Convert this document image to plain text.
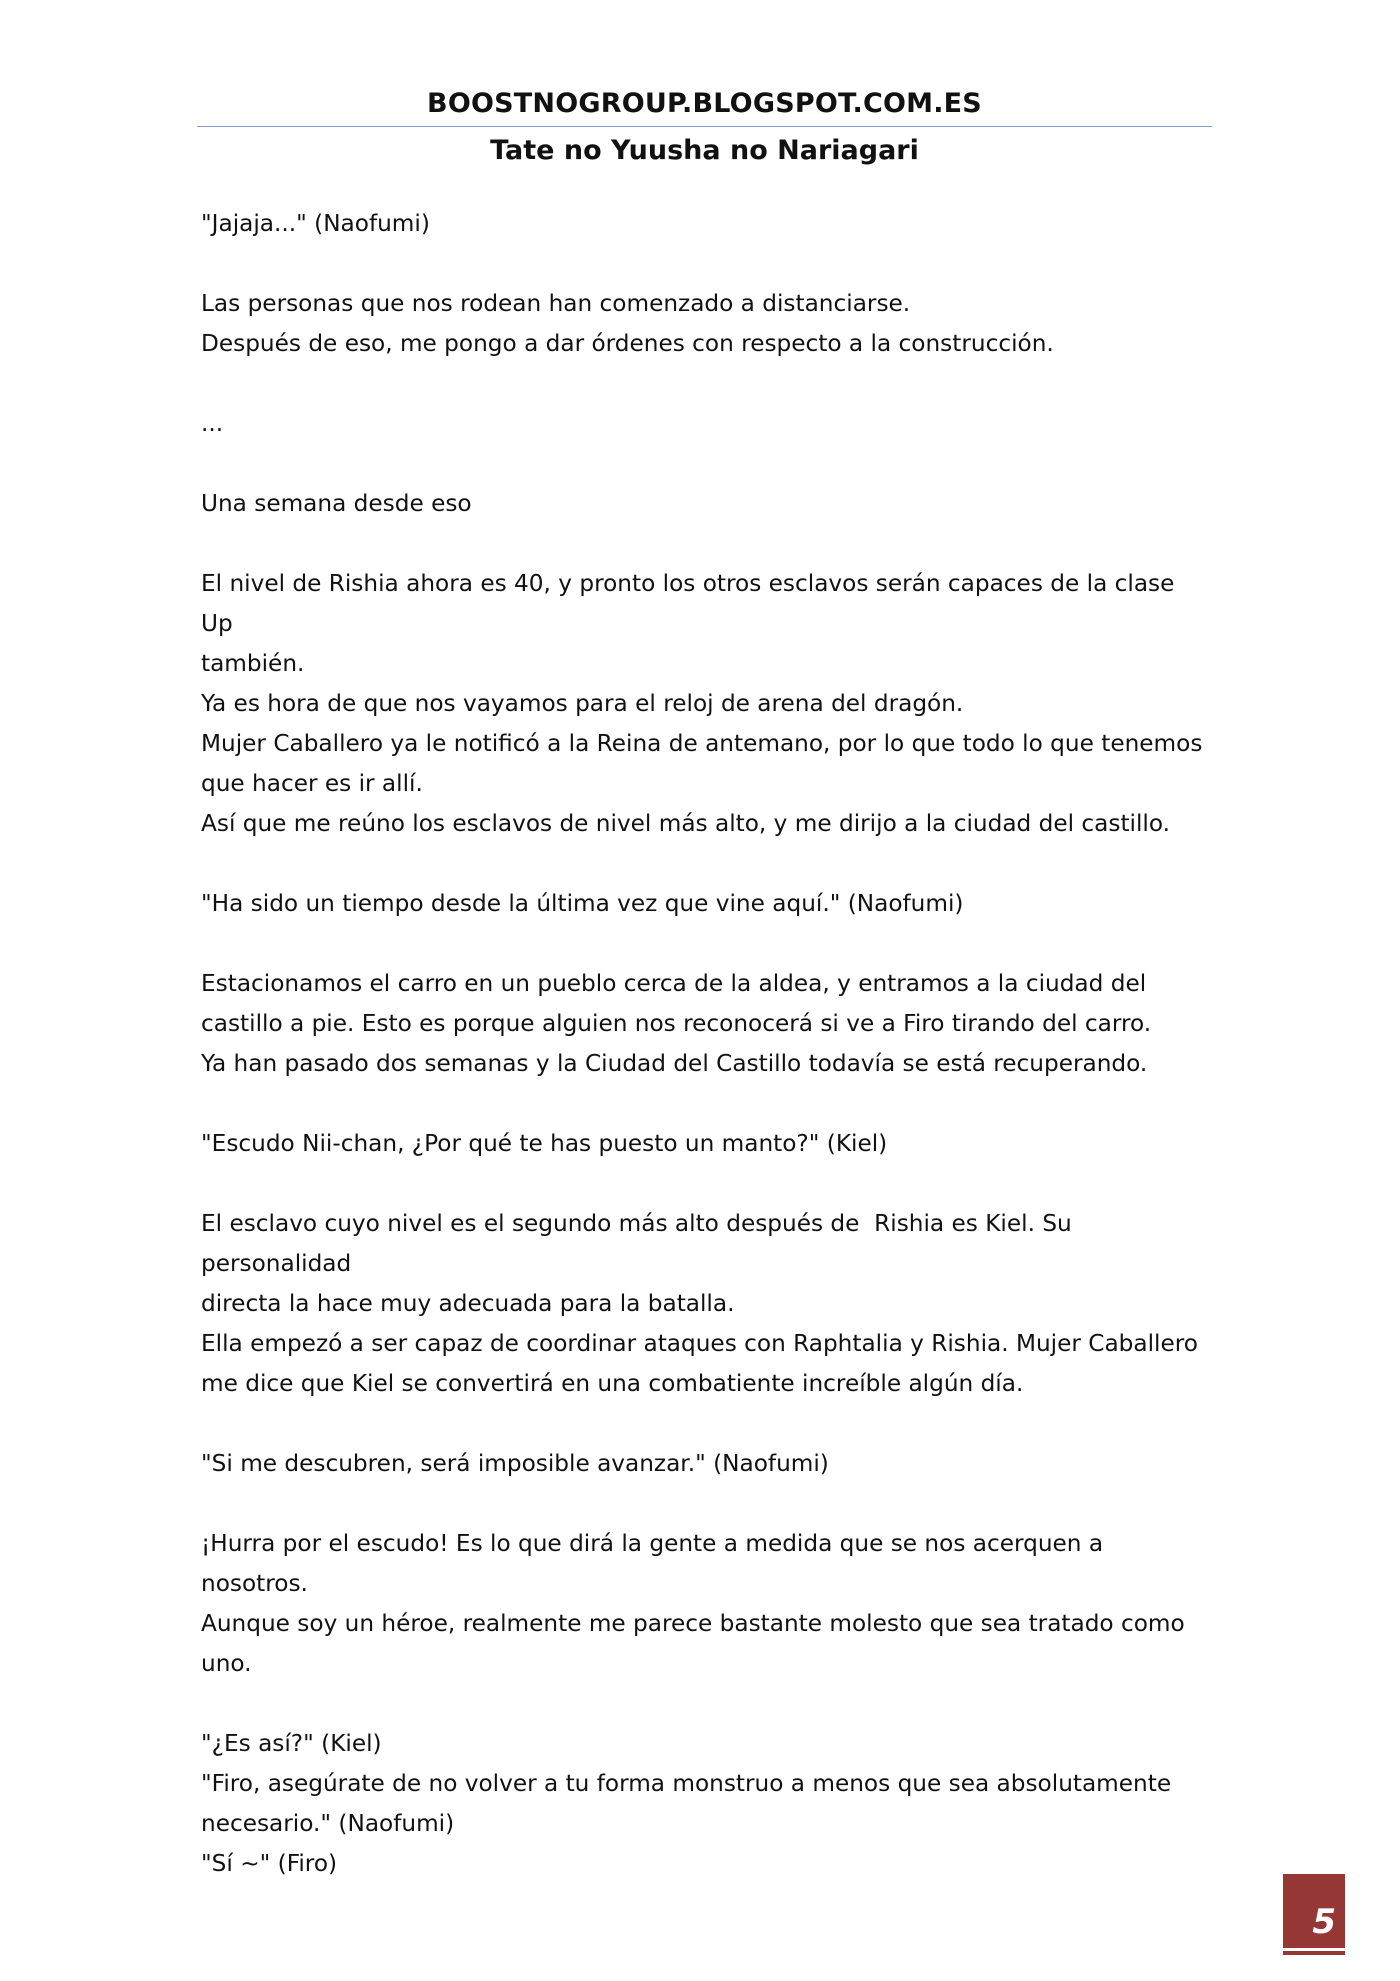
BOOSTNOGROUP.BLOGSPOT.COM.ES
Tate no Yuusha no Nariagari
"Jajaja..." (Naofumi)
Las personas que nos rodean han comenzado a distanciarse.
Después de eso, me pongo a dar órdenes con respecto a la construcción.
...
Una semana desde eso
El nivel de Rishia ahora es 40, y pronto los otros esclavos serán capaces de la clase Up
también.
Ya es hora de que nos vayamos para el reloj de arena del dragón.
Mujer Caballero ya le notificó a la Reina de antemano, por lo que todo lo que tenemos
que hacer es ir allí.
Así que me reúno los esclavos de nivel más alto, y me dirijo a la ciudad del castillo.
"Ha sido un tiempo desde la última vez que vine aquí." (Naofumi)
Estacionamos el carro en un pueblo cerca de la aldea, y entramos a la ciudad del
castillo a pie. Esto es porque alguien nos reconocerá si ve a Firo tirando del carro.
Ya han pasado dos semanas y la Ciudad del Castillo todavía se está recuperando.
"Escudo Nii-chan, ¿Por qué te has puesto un manto?" (Kiel)
El esclavo cuyo nivel es el segundo más alto después de  Rishia es Kiel. Su personalidad
directa la hace muy adecuada para la batalla.
Ella empezó a ser capaz de coordinar ataques con Raphtalia y Rishia. Mujer Caballero
me dice que Kiel se convertirá en una combatiente increíble algún día.
"Si me descubren, será imposible avanzar." (Naofumi)
¡Hurra por el escudo! Es lo que dirá la gente a medida que se nos acerquen a nosotros.
Aunque soy un héroe, realmente me parece bastante molesto que sea tratado como
uno.
"¿Es así?" (Kiel)
"Firo, asegúrate de no volver a tu forma monstruo a menos que sea absolutamente
necesario." (Naofumi)
"Sí ~" (Firo)
5
